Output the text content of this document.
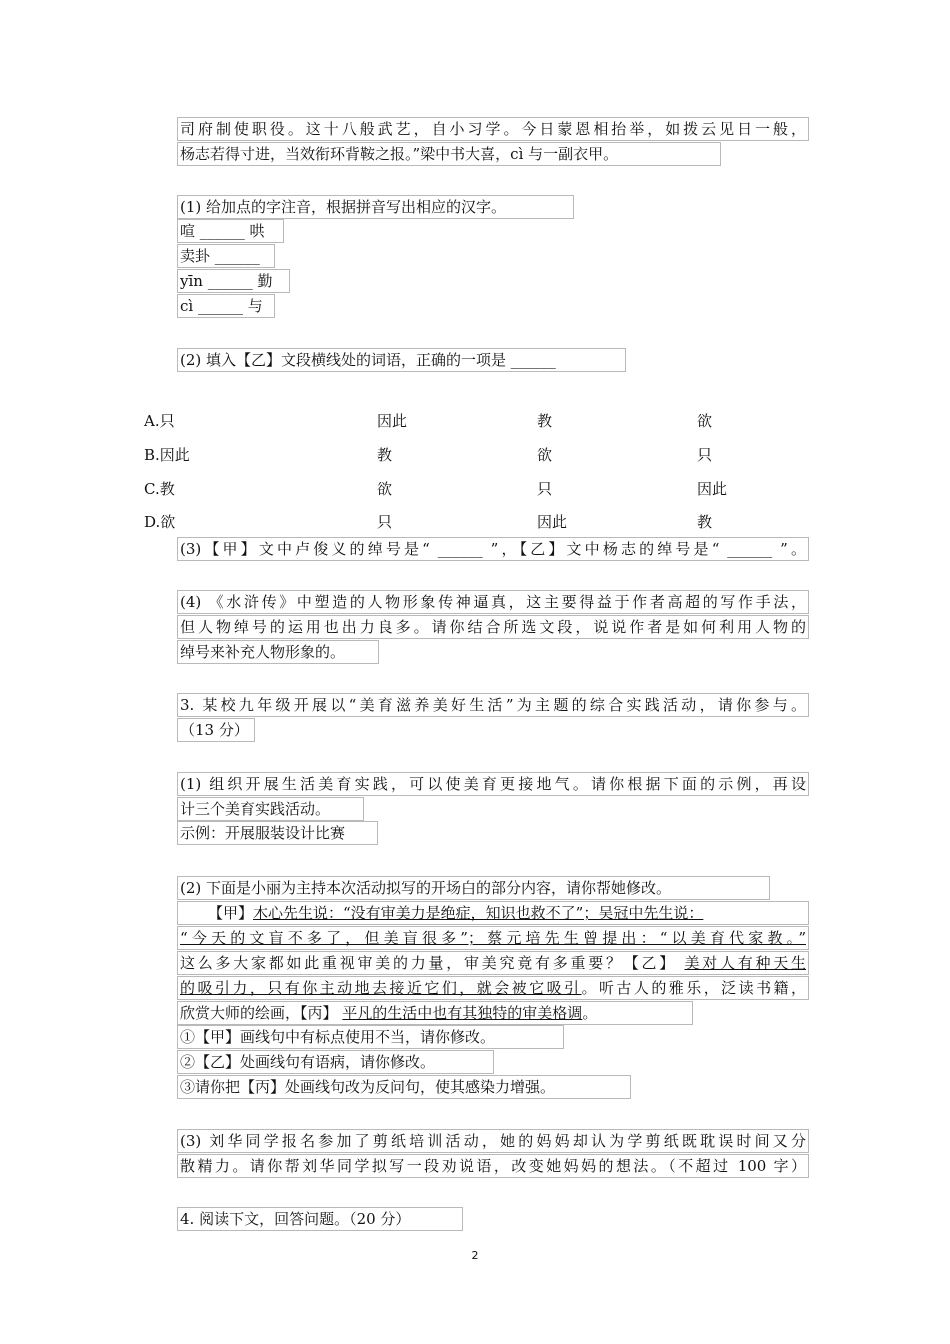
司府制使职役。这十八般武艺，自小习学。今日蒙恩相抬举，如拨云见日一般，
杨志若得寸进，当效衔环背鞍之报。”梁中书大喜，cì 与一副衣甲。
(1) 给加点的字注音，根据拼音写出相应的汉字。
喧 ______ 哄
卖卦 ______
yīn ______ 勤
cì ______ 与
(2) 填入【乙】文段横线处的词语，正确的一项是 ______
A.只	因此	教	欲
B.因此	教	欲	只
C.教	欲	只	因此
D.欲	只	因此	教
(3)【甲】文中卢俊义的绰号是“ ______ ”，【乙】文中杨志的绰号是“ ______ ”。
(4) 《水浒传》中塑造的人物形象传神逼真，这主要得益于作者高超的写作手法，
但人物绰号的运用也出力良多。请你结合所选文段，说说作者是如何利用人物的
绰号来补充人物形象的。
3. 某校九年级开展以“美育滋养美好生活”为主题的综合实践活动，请你参与。
（13 分）
(1) 组织开展生活美育实践，可以使美育更接地气。请你根据下面的示例，再设
计三个美育实践活动。
示例：开展服装设计比赛
(2) 下面是小丽为主持本次活动拟写的开场白的部分内容，请你帮她修改。
【甲】木心先生说：“没有审美力是绝症，知识也救不了”；吴冠中先生说：
“今天的文盲不多了，但美盲很多”；蔡元培先生曾提出：“以美育代家教。”
这么多大家都如此重视审美的力量，审美究竟有多重要？【乙】 美对人有种天生
的吸引力，只有你主动地去接近它们，就会被它吸引。听古人的雅乐，泛读书籍，
欣赏大师的绘画，【丙】 平凡的生活中也有其独特的审美格调。
①【甲】画线句中有标点使用不当，请你修改。
②【乙】处画线句有语病，请你修改。
③请你把【丙】处画线句改为反问句，使其感染力增强。
(3) 刘华同学报名参加了剪纸培训活动，她的妈妈却认为学剪纸既耽误时间又分
散精力。请你帮刘华同学拟写一段劝说语，改变她妈妈的想法。（不超过 100 字）
4. 阅读下文，回答问题。（20 分）
2
